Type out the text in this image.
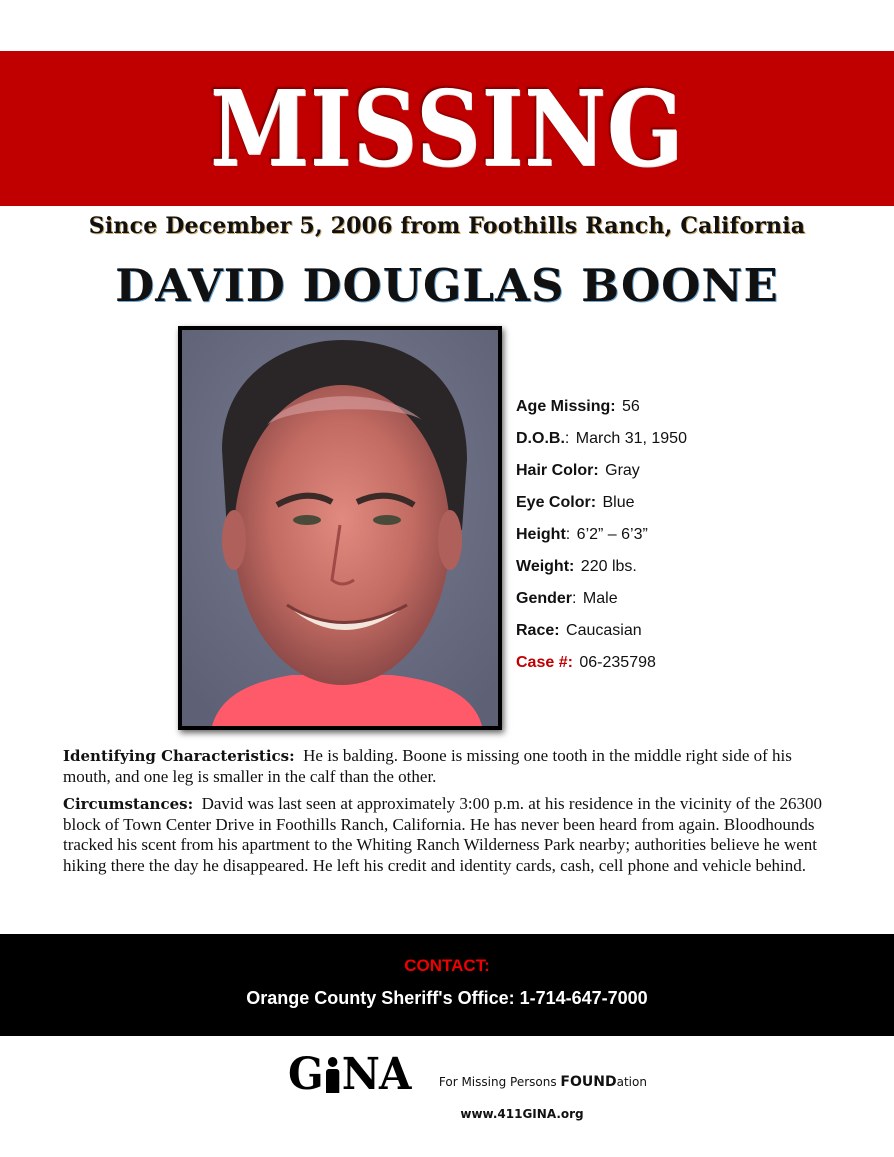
MISSING
Since December 5, 2006 from Foothills Ranch, California
DAVID DOUGLAS BOONE
Age Missing: 56
D.O.B.: March 31, 1950
Hair Color: Gray
Eye Color: Blue
Height: 6’2” – 6’3”
Weight: 220 lbs.
Gender: Male
Race: Caucasian
Case #: 06-235798
Identifying Characteristics:  He is balding. Boone is missing one tooth in the middle right side of his mouth, and one leg is smaller in the calf than the other.
Circumstances:  David was last seen at approximately 3:00 p.m. at his residence in the vicinity of the 26300 block of Town Center Drive in Foothills Ranch, California. He has never been heard from again. Bloodhounds tracked his scent from his apartment to the Whiting Ranch Wilderness Park nearby; authorities believe he went hiking there the day he disappeared. He left his credit and identity cards, cash, cell phone and vehicle behind.
CONTACT:
Orange County Sheriff's Office: 1-714-647-7000
G NA	For Missing Persons FOUNDation

www.411GINA.org
